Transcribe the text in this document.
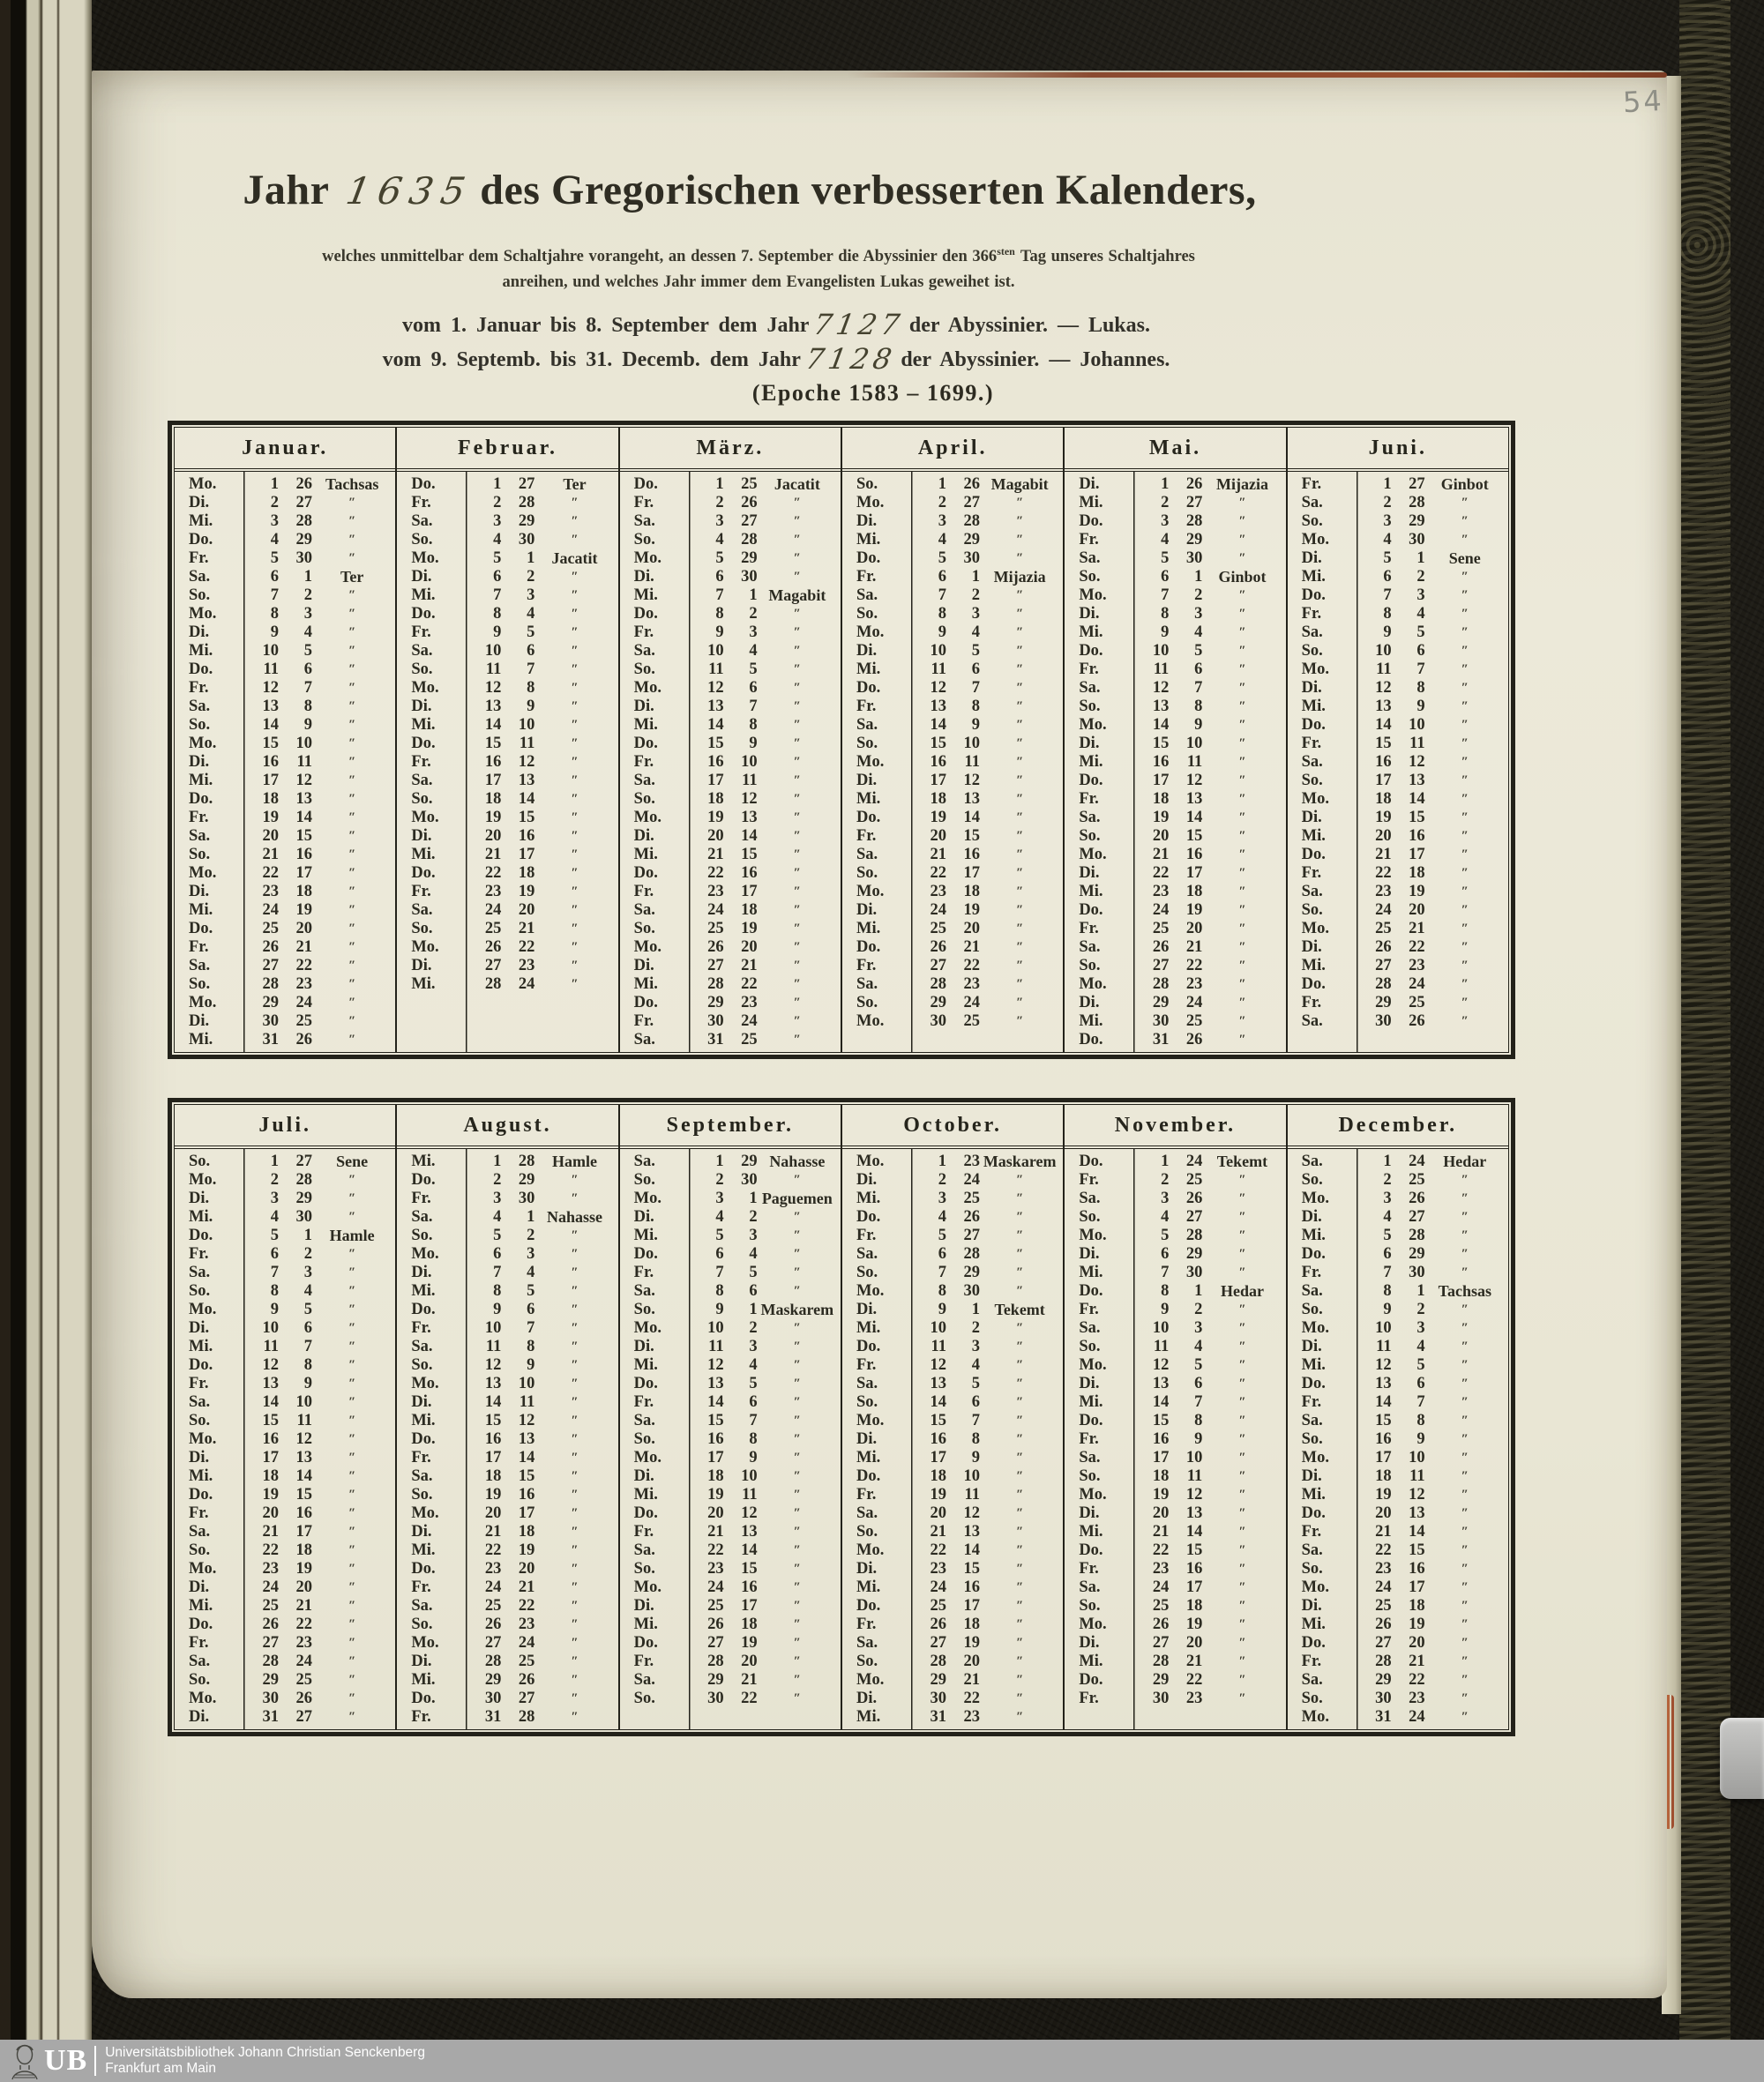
54
Jahr 1635des Gregorischen verbesserten Kalenders,

welches unmittelbar dem Schaltjahre vorangeht, an dessen 7. September die Abyssinier den $366^{sten}$ Tag unseres Schaltjahres

anreihen, und welches Jahr immer dem Evangelisten Lukas geweihet ist.

vom 1. Januar bis 8. September dem Jahr7127 der Abyssinier. — Lukas.

vom 9. Septemb. bis 31. Decemb. dem Jahr7128 der Abyssinier. — Johannes.

(Epoche 1583 – 1699.)

Januar.
Mo.	1	26 Tachsas
Di.	2	27	″
Mi.	3	28	″
Do.	4	29	″
Fr.	5	30	″
Sa.	6	1	Ter
So.	7	2	″
Mo.	8	3	″
Di.	9	4	″
Mi.	10	5	″
Do.	11	6	″
Fr.	12	7	″
Sa.	13	8	″
So.	14	9	″
Mo.	15	10	″
Di.	16	11	″
Mi.	17	12	″
Do.	18	13	″
Fr.	19	14	″
Sa.	20	15	″
So.	21	16	″
Mo.	22	17	″
Di.	23	18	″
Mi.	24	19	″
Do.	25	20	″
Fr.	26	21	″
Sa.	27	22	″
So.	28	23	″
Mo.	29	24	″
Di.	30	25	″
Mi.	31	26	″
Februar.
Do.	1	27	Ter
Fr.	2	28	″
Sa.	3	29	″
So.	4	30	″
Mo.	5	1	Jacatit
Di.	6	2	″
Mi.	7	3	″
Do.	8	4	″
Fr.	9	5	″
Sa.	10	6	″
So.	11	7	″
Mo.	12	8	″
Di.	13	9	″
Mi.	14	10	″
Do.	15	11	″
Fr.	16	12	″
Sa.	17	13	″
So.	18	14	″
Mo.	19	15	″
Di.	20	16	″
Mi.	21	17	″
Do.	22	18	″
Fr.	23	19	″
Sa.	24	20	″
So.	25	21	″
Mo.	26	22	″
Di.	27	23	″
Mi.	28	24	″
März.
Do.	1	25	Jacatit
Fr.	2	26	″
Sa.	3	27	″
So.	4	28	″
Mo.	5	29	″
Di.	6	30	″
Mi.	7	1 Magabit
Do.	8	2	″
Fr.	9	3	″
Sa.	10	4	″
So.	11	5	″
Mo.	12	6	″
Di.	13	7	″
Mi.	14	8	″
Do.	15	9	″
Fr.	16	10	″
Sa.	17	11	″
So.	18	12	″
Mo.	19	13	″
Di.	20	14	″
Mi.	21	15	″
Do.	22	16	″
Fr.	23	17	″
Sa.	24	18	″
So.	25	19	″
Mo.	26	20	″
Di.	27	21	″
Mi.	28	22	″
Do.	29	23	″
Fr.	30	24	″
Sa.	31	25	″
April.
So.	1	26 Magabit
Mo.	2	27	″
Di.	3	28	″
Mi.	4	29	″
Do.	5	30	″
Fr.	6	1 Mijazia
Sa.	7	2	″
So.	8	3	″
Mo.	9	4	″
Di.	10	5	″
Mi.	11	6	″
Do.	12	7	″
Fr.	13	8	″
Sa.	14	9	″
So.	15	10	″
Mo.	16	11	″
Di.	17	12	″
Mi.	18	13	″
Do.	19	14	″
Fr.	20	15	″
Sa.	21	16	″
So.	22	17	″
Mo.	23	18	″
Di.	24	19	″
Mi.	25	20	″
Do.	26	21	″
Fr.	27	22	″
Sa.	28	23	″
So.	29	24	″
Mo.	30	25	″
Mai.
Di.	1	26 Mijazia
Mi.	2	27	″
Do.	3	28	″
Fr.	4	29	″
Sa.	5	30	″
So.	6	1	Ginbot
Mo.	7	2	″
Di.	8	3	″
Mi.	9	4	″
Do.	10	5	″
Fr.	11	6	″
Sa.	12	7	″
So.	13	8	″
Mo.	14	9	″
Di.	15	10	″
Mi.	16	11	″
Do.	17	12	″
Fr.	18	13	″
Sa.	19	14	″
So.	20	15	″
Mo.	21	16	″
Di.	22	17	″
Mi.	23	18	″
Do.	24	19	″
Fr.	25	20	″
Sa.	26	21	″
So.	27	22	″
Mo.	28	23	″
Di.	29	24	″
Mi.	30	25	″
Do.	31	26	″
Juni.
Fr.	1	27	Ginbot
Sa.	2	28	″
So.	3	29	″
Mo.	4	30	″
Di.	5	1	Sene
Mi.	6	2	″
Do.	7	3	″
Fr.	8	4	″
Sa.	9	5	″
So.	10	6	″
Mo.	11	7	″
Di.	12	8	″
Mi.	13	9	″
Do.	14	10	″
Fr.	15	11	″
Sa.	16	12	″
So.	17	13	″
Mo.	18	14	″
Di.	19	15	″
Mi.	20	16	″
Do.	21	17	″
Fr.	22	18	″
Sa.	23	19	″
So.	24	20	″
Mo.	25	21	″
Di.	26	22	″
Mi.	27	23	″
Do.	28	24	″
Fr.	29	25	″
Sa.	30	26	″
Juli.
So.	1	27	Sene
Mo.	2	28	″
Di.	3	29	″
Mi.	4	30	″
Do.	5	1	Hamle
Fr.	6	2	″
Sa.	7	3	″
So.	8	4	″
Mo.	9	5	″
Di.	10	6	″
Mi.	11	7	″
Do.	12	8	″
Fr.	13	9	″
Sa.	14	10	″
So.	15	11	″
Mo.	16	12	″
Di.	17	13	″
Mi.	18	14	″
Do.	19	15	″
Fr.	20	16	″
Sa.	21	17	″
So.	22	18	″
Mo.	23	19	″
Di.	24	20	″
Mi.	25	21	″
Do.	26	22	″
Fr.	27	23	″
Sa.	28	24	″
So.	29	25	″
Mo.	30	26	″
Di.	31	27	″
August.
Mi.	1	28	Hamle
Do.	2	29	″
Fr.	3	30	″
Sa.	4	1 Nahasse
So.	5	2	″
Mo.	6	3	″
Di.	7	4	″
Mi.	8	5	″
Do.	9	6	″
Fr.	10	7	″
Sa.	11	8	″
So.	12	9	″
Mo.	13	10	″
Di.	14	11	″
Mi.	15	12	″
Do.	16	13	″
Fr.	17	14	″
Sa.	18	15	″
So.	19	16	″
Mo.	20	17	″
Di.	21	18	″
Mi.	22	19	″
Do.	23	20	″
Fr.	24	21	″
Sa.	25	22	″
So.	26	23	″
Mo.	27	24	″
Di.	28	25	″
Mi.	29	26	″
Do.	30	27	″
Fr.	31	28	″
September.
Sa.	1	29 Nahasse
So.	2	30	″
Mo.	3	1 Paguemen
Di.	4	2	″
Mi.	5	3	″
Do.	6	4	″
Fr.	7	5	″
Sa.	8	6	″
So.	9	1 Maskarem
Mo.	10	2	″
Di.	11	3	″
Mi.	12	4	″
Do.	13	5	″
Fr.	14	6	″
Sa.	15	7	″
So.	16	8	″
Mo.	17	9	″
Di.	18	10	″
Mi.	19	11	″
Do.	20	12	″
Fr.	21	13	″
Sa.	22	14	″
So.	23	15	″
Mo.	24	16	″
Di.	25	17	″
Mi.	26	18	″
Do.	27	19	″
Fr.	28	20	″
Sa.	29	21	″
So.	30	22	″
October.
Mo.	1	23 Maskarem
Di.	2	24	″
Mi.	3	25	″
Do.	4	26	″
Fr.	5	27	″
Sa.	6	28	″
So.	7	29	″
Mo.	8	30	″
Di.	9	1 Tekemt
Mi.	10	2	″
Do.	11	3	″
Fr.	12	4	″
Sa.	13	5	″
So.	14	6	″
Mo.	15	7	″
Di.	16	8	″
Mi.	17	9	″
Do.	18	10	″
Fr.	19	11	″
Sa.	20	12	″
So.	21	13	″
Mo.	22	14	″
Di.	23	15	″
Mi.	24	16	″
Do.	25	17	″
Fr.	26	18	″
Sa.	27	19	″
So.	28	20	″
Mo.	29	21	″
Di.	30	22	″
Mi.	31	23	″
November.
Do.	1	24 Tekemt
Fr.	2	25	″
Sa.	3	26	″
So.	4	27	″
Mo.	5	28	″
Di.	6	29	″
Mi.	7	30	″
Do.	8	1	Hedar
Fr.	9	2	″
Sa.	10	3	″
So.	11	4	″
Mo.	12	5	″
Di.	13	6	″
Mi.	14	7	″
Do.	15	8	″
Fr.	16	9	″
Sa.	17	10	″
So.	18	11	″
Mo.	19	12	″
Di.	20	13	″
Mi.	21	14	″
Do.	22	15	″
Fr.	23	16	″
Sa.	24	17	″
So.	25	18	″
Mo.	26	19	″
Di.	27	20	″
Mi.	28	21	″
Do.	29	22	″
Fr.	30	23	″
December.
Sa.	1	24	Hedar
So.	2	25	″
Mo.	3	26	″
Di.	4	27	″
Mi.	5	28	″
Do.	6	29	″
Fr.	7	30	″
Sa.	8	1 Tachsas
So.	9	2	″
Mo.	10	3	″
Di.	11	4	″
Mi.	12	5	″
Do.	13	6	″
Fr.	14	7	″
Sa.	15	8	″
So.	16	9	″
Mo.	17	10	″
Di.	18	11	″
Mi.	19	12	″
Do.	20	13	″
Fr.	21	14	″
Sa.	22	15	″
So.	23	16	″
Mo.	24	17	″
Di.	25	18	″
Mi.	26	19	″
Do.	27	20	″
Fr.	28	21	″
Sa.	29	22	″
So.	30	23	″
Mo.	31	24	″
UB Universitätsbibliothek Johann Christian Senckenberg
Frankfurt am Main
